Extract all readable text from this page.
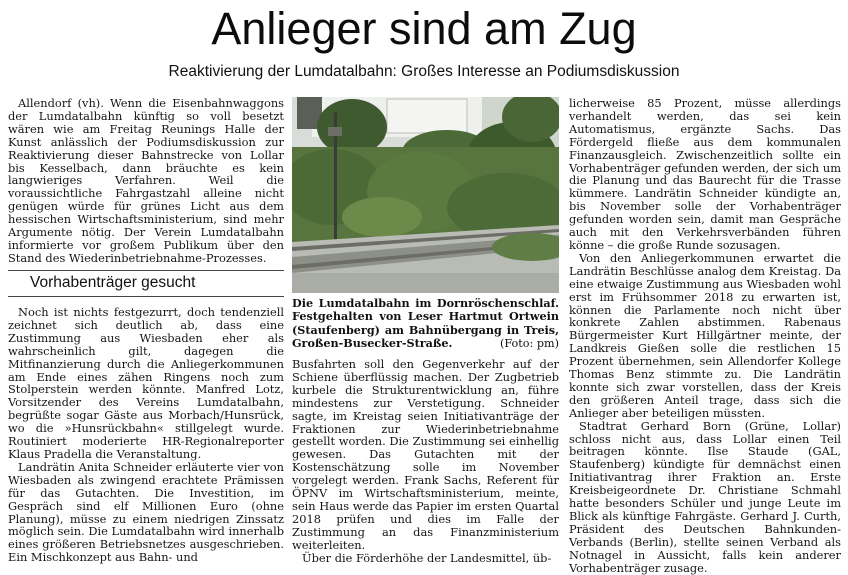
Anlieger sind am Zug
Reaktivierung der Lumdatalbahn: Großes Interesse an Podiumsdiskussion

Allendorf (vh). Wenn die Eisenbahnwaggons der Lumdatalbahn künftig so voll besetzt wären wie am Freitag Reunings Halle der Kunst anlässlich der Podiumsdiskussion zur Reaktivierung dieser Bahnstrecke von Lollar bis Kesselbach, dann bräuchte es kein langwieriges Verfahren. Weil die voraussichtliche Fahrgastzahl alleine nicht genügen würde für grünes Licht aus dem hessischen Wirtschaftsministerium, sind mehr Argumente nötig. Der Verein Lumdatalbahn informierte vor großem Publikum über den Stand des Wiederinbetriebnahme-Prozesses.

Vorhabenträger gesucht

Noch ist nichts festgezurrt, doch tendenziell zeichnet sich deutlich ab, dass eine Zustimmung aus Wiesbaden eher als wahrscheinlich gilt, dagegen die Mitfinanzierung durch die Anliegerkommunen am Ende eines zähen Ringens noch zum Stolperstein werden könnte. Manfred Lotz, Vorsitzender des Vereins Lumdatalbahn, begrüßte sogar Gäste aus Morbach/Hunsrück, wo die »Hunsrückbahn« stillgelegt wurde. Routiniert moderierte HR-Regionalreporter Klaus Pradella die Veranstaltung.

Landrätin Anita Schneider erläuterte vier von Wiesbaden als zwingend erachtete Prämissen für das Gutachten. Die Investition, im Gespräch sind elf Millionen Euro (ohne Planung), müsse zu einem niedrigen Zinssatz möglich sein. Die Lumdatalbahn wird innerhalb eines größeren Betriebsnetzes ausgeschrieben. Ein Mischkonzept aus Bahn- und

Die Lumdatalbahn im Dornröschenschlaf. Festgehalten von Leser Hartmut Ortwein (Staufenberg) am Bahnübergang in Treis, Großen-Busecker-Straße.	(Foto: pm)

Busfahrten soll den Gegenverkehr auf der Schiene überflüssig machen. Der Zugbetrieb kurbele die Strukturentwicklung an, führe mindestens zur Verstetigung. Schneider sagte, im Kreistag seien Initiativanträge der Fraktionen zur Wiederinbetriebnahme gestellt worden. Die Zustimmung sei einhellig gewesen. Das Gutachten mit der Kostenschätzung solle im November vorgelegt werden. Frank Sachs, Referent für ÖPNV im Wirtschaftsministerium, meinte, sein Haus werde das Papier im ersten Quartal 2018 prüfen und dies im Falle der Zustimmung an das Finanzministerium weiterleiten.

Über die Förderhöhe der Landesmittel, üb-

licherweise 85 Prozent, müsse allerdings verhandelt werden, das sei kein Automatismus, ergänzte Sachs. Das Fördergeld fließe aus dem kommunalen Finanzausgleich. Zwischenzeitlich sollte ein Vorhabenträger gefunden werden, der sich um die Planung und das Baurecht für die Trasse kümmere. Landrätin Schneider kündigte an, bis November solle der Vorhabenträger gefunden worden sein, damit man Gespräche auch mit den Verkehrsverbänden führen könne – die große Runde sozusagen.

Von den Anliegerkommunen erwartet die Landrätin Beschlüsse analog dem Kreistag. Da eine etwaige Zustimmung aus Wiesbaden wohl erst im Frühsommer 2018 zu erwarten ist, können die Parlamente noch nicht über konkrete Zahlen abstimmen. Rabenaus Bürgermeister Kurt Hillgärtner meinte, der Landkreis Gießen solle die restlichen 15 Prozent übernehmen, sein Allendorfer Kollege Thomas Benz stimmte zu. Die Landrätin konnte sich zwar vorstellen, dass der Kreis den größeren Anteil trage, dass sich die Anlieger aber beteiligen müssten.

Stadtrat Gerhard Born (Grüne, Lollar) schloss nicht aus, dass Lollar einen Teil beitragen könnte. Ilse Staude (GAL, Staufenberg) kündigte für demnächst einen Initiativantrag ihrer Fraktion an. Erste Kreisbeigeordnete Dr. Christiane Schmahl hatte besonders Schüler und junge Leute im Blick als künftige Fahrgäste. Gerhard J. Curth, Präsident des Deutschen Bahnkunden-Verbands (Berlin), stellte seinen Verband als Notnagel in Aussicht, falls kein anderer Vorhabenträger zusage.
